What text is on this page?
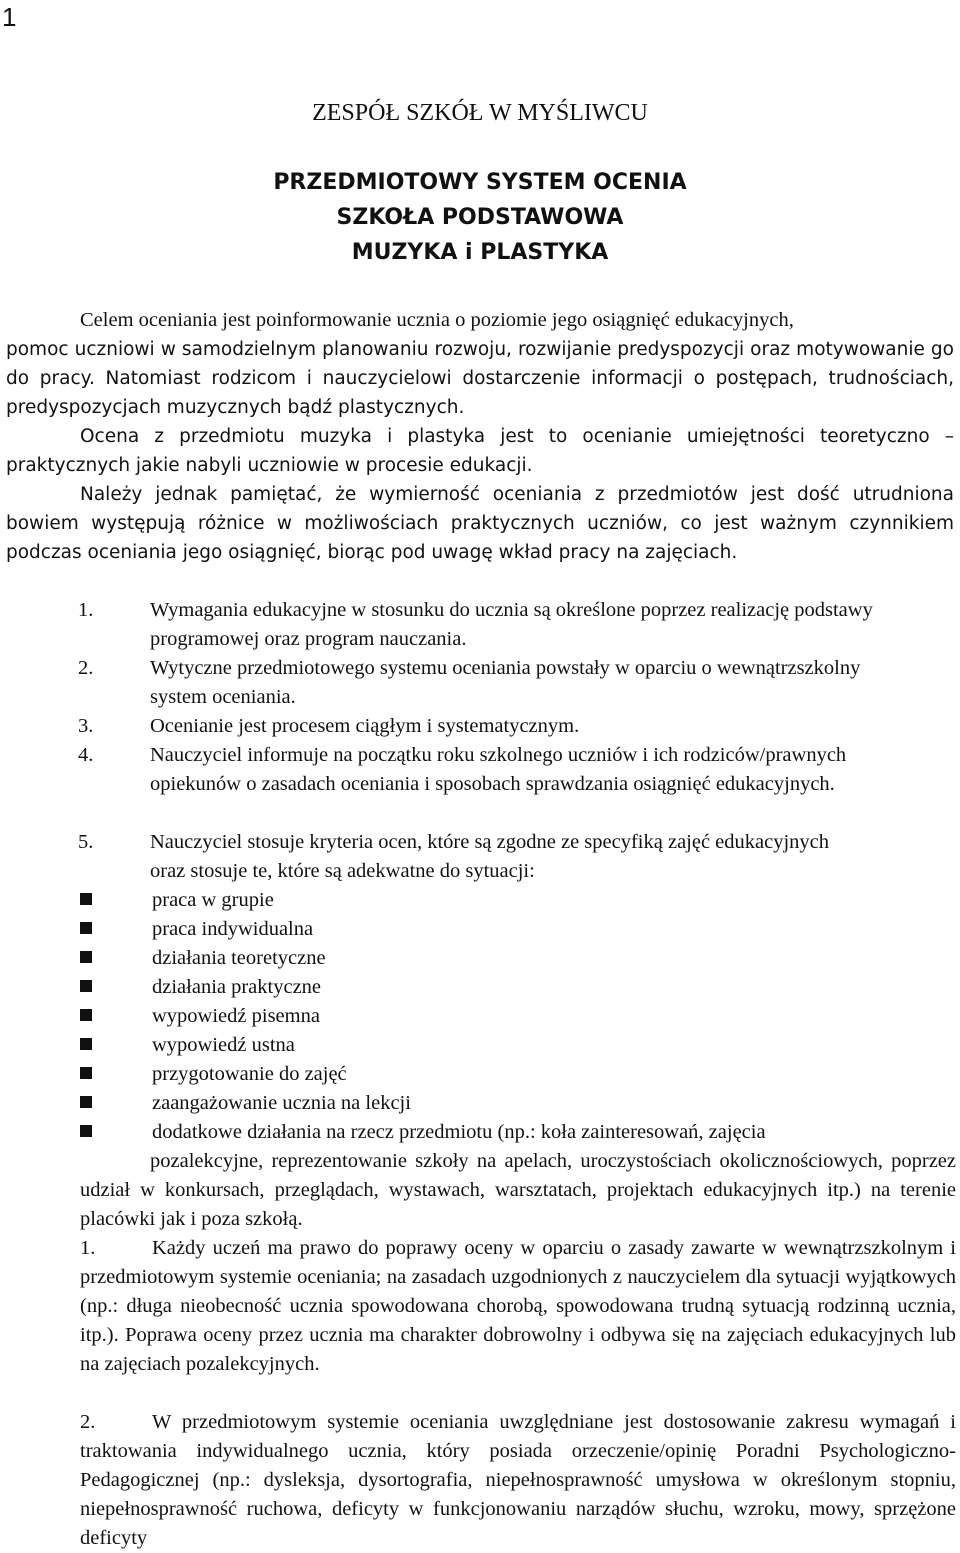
1
ZESPÓŁ SZKÓŁ W MYŚLIWCU
PRZEDMIOTOWY SYSTEM OCENIA
SZKOŁA PODSTAWOWA
MUZYKA i PLASTYKA
Celem oceniania jest poinformowanie ucznia o poziomie jego osiągnięć edukacyjnych,
pomoc uczniowi w samodzielnym planowaniu rozwoju, rozwijanie predyspozycji oraz motywowanie go do pracy. Natomiast rodzicom i nauczycielowi dostarczenie informacji o postępach, trudnościach, predyspozycjach muzycznych bądź plastycznych.
Ocena z przedmiotu muzyka i plastyka jest to ocenianie umiejętności teoretyczno – praktycznych jakie nabyli uczniowie w procesie edukacji.
Należy jednak pamiętać, że wymierność oceniania z przedmiotów jest dość utrudniona bowiem występują różnice w możliwościach praktycznych uczniów, co jest ważnym czynnikiem podczas oceniania jego osiągnięć, biorąc pod uwagę wkład pracy na zajęciach.
1.	Wymagania edukacyjne w stosunku do ucznia są określone poprzez realizację podstawy programowej oraz program nauczania.
2.	Wytyczne przedmiotowego systemu oceniania powstały w oparciu o wewnątrzszkolny system oceniania.
3.	Ocenianie jest procesem ciągłym i systematycznym.
4.	Nauczyciel informuje na początku roku szkolnego uczniów i ich rodziców/prawnych opiekunów o zasadach oceniania i sposobach sprawdzania osiągnięć edukacyjnych.
5.	Nauczyciel stosuje kryteria ocen, które są zgodne ze specyfiką zajęć edukacyjnych oraz stosuje te, które są adekwatne do sytuacji:
praca w grupie
praca indywidualna
działania teoretyczne
działania praktyczne
wypowiedź pisemna
wypowiedź ustna
przygotowanie do zajęć
zaangażowanie ucznia na lekcji
dodatkowe działania na rzecz przedmiotu (np.: koła zainteresowań, zajęcia
pozalekcyjne, reprezentowanie szkoły na apelach, uroczystościach okolicznościowych, poprzez udział w konkursach, przeglądach, wystawach, warsztatach, projektach edukacyjnych itp.) na terenie placówki jak i poza szkołą.
1.	Każdy uczeń ma prawo do poprawy oceny w oparciu o zasady zawarte w wewnątrzszkolnym i przedmiotowym systemie oceniania; na zasadach uzgodnionych z nauczycielem dla sytuacji wyjątkowych (np.: długa nieobecność ucznia spowodowana chorobą, spowodowana trudną sytuacją rodzinną ucznia, itp.). Poprawa oceny przez ucznia ma charakter dobrowolny i odbywa się na zajęciach edukacyjnych lub na zajęciach pozalekcyjnych.
2.	W przedmiotowym systemie oceniania uwzględniane jest dostosowanie zakresu wymagań i traktowania indywidualnego ucznia, który posiada orzeczenie/opinię Poradni Psychologiczno-Pedagogicznej (np.: dysleksja, dysortografia, niepełnosprawność umysłowa w określonym stopniu, niepełnosprawność ruchowa, deficyty w funkcjonowaniu narządów słuchu, wzroku, mowy, sprzężone deficyty
